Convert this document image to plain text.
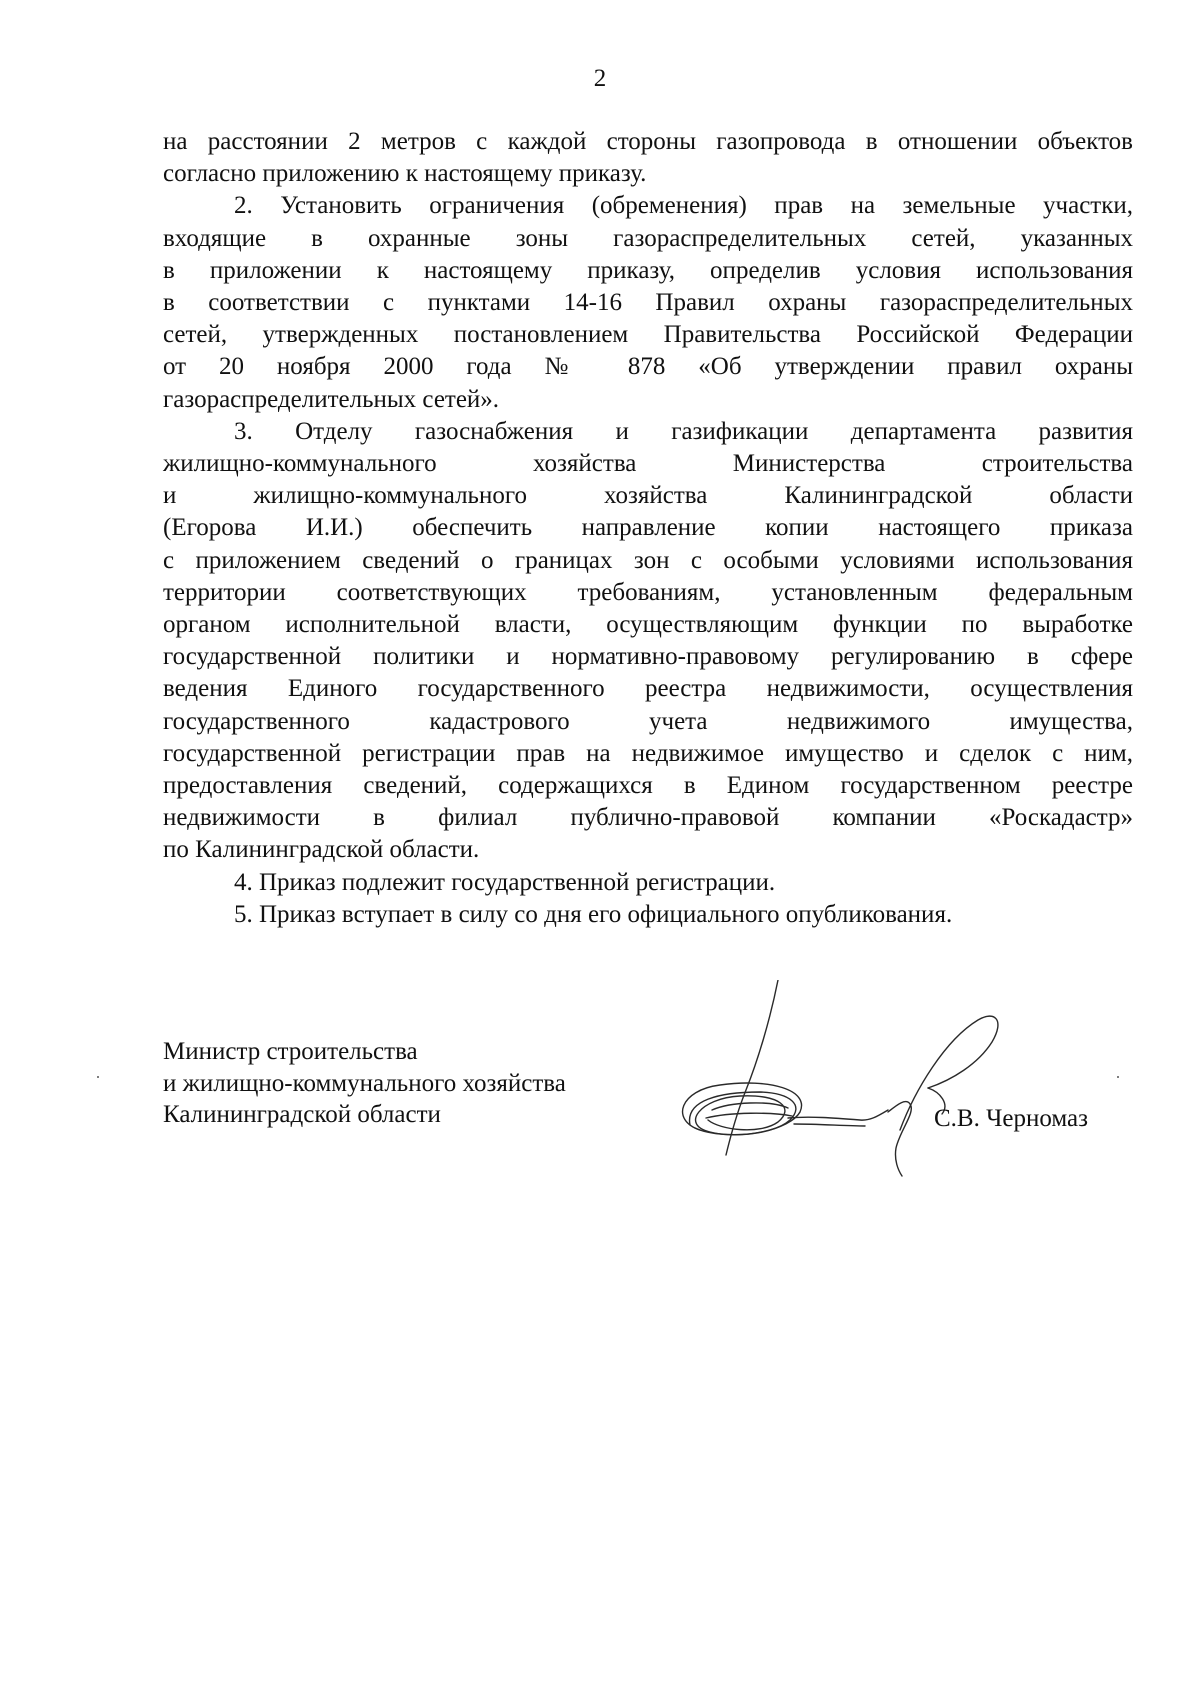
2
на расстоянии 2 метров с каждой стороны газопровода в отношении объектов
согласно приложению к настоящему приказу.
2. Установить ограничения (обременения) прав на земельные участки,
входящие в охранные зоны газораспределительных сетей, указанных
в приложении к настоящему приказу, определив условия использования
в соответствии с пунктами 14-16 Правил охраны газораспределительных
сетей, утвержденных постановлением Правительства Российской Федерации
от 20 ноября 2000 года № 878 «Об утверждении правил охраны
газораспределительных сетей».
3. Отделу газоснабжения и газификации департамента развития
жилищно-коммунального хозяйства Министерства строительства
и жилищно-коммунального хозяйства Калининградской области
(Егорова И.И.) обеспечить направление копии настоящего приказа
с приложением сведений о границах зон с особыми условиями использования
территории соответствующих требованиям, установленным федеральным
органом исполнительной власти, осуществляющим функции по выработке
государственной политики и нормативно-правовому регулированию в сфере
ведения Единого государственного реестра недвижимости, осуществления
государственного кадастрового учета недвижимого имущества,
государственной регистрации прав на недвижимое имущество и сделок с ним,
предоставления сведений, содержащихся в Едином государственном реестре
недвижимости в филиал публично-правовой компании «Роскадастр»
по Калининградской области.
4. Приказ подлежит государственной регистрации.
5. Приказ вступает в силу со дня его официального опубликования.
Министр строительства
и жилищно-коммунального хозяйства
Калининградской области	С.В. Черномаз
